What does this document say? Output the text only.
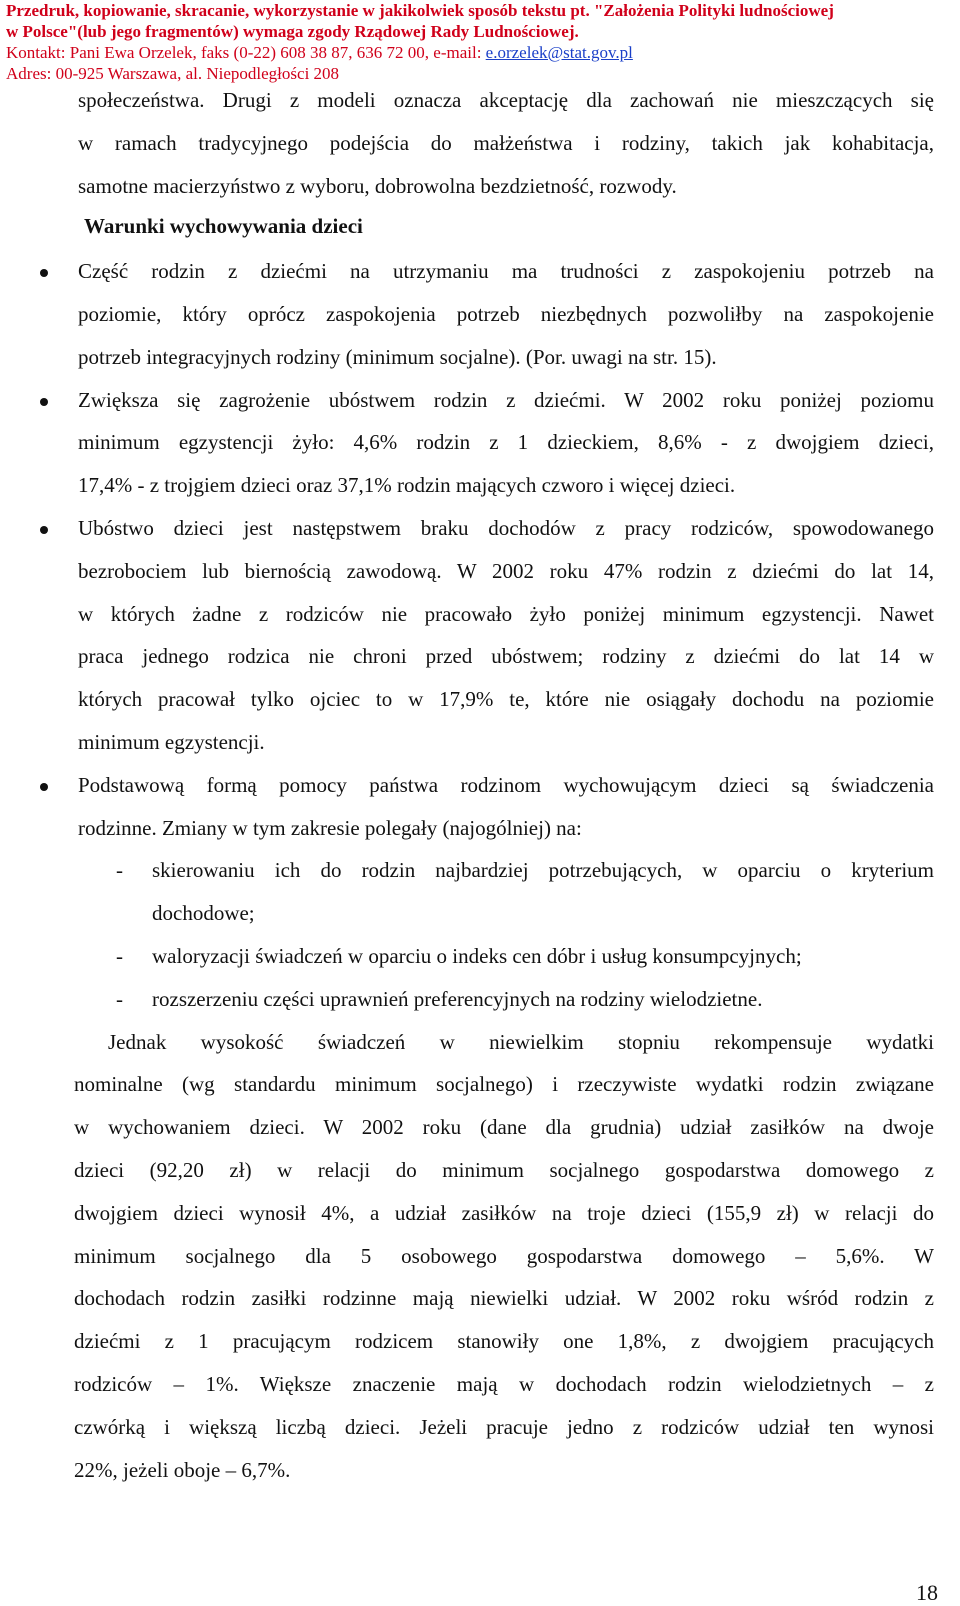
Przedruk, kopiowanie, skracanie, wykorzystanie w jakikolwiek sposób tekstu pt. "Założenia Polityki ludnościowej
w Polsce"(lub jego fragmentów) wymaga zgody Rządowej Rady Ludnościowej.
Kontakt: Pani Ewa Orzelek, faks (0-22) 608 38 87, 636 72 00, e-mail: e.orzelek@stat.gov.pl
Adres: 00-925 Warszawa, al. Niepodległości 208
społeczeństwa. Drugi z modeli oznacza akceptację dla zachowań nie mieszczących się
w ramach tradycyjnego podejścia do małżeństwa i rodziny, takich jak kohabitacja,
samotne macierzyństwo z wyboru, dobrowolna bezdzietność, rozwody.
Warunki wychowywania dzieci
Część rodzin z dziećmi na utrzymaniu ma trudności z zaspokojeniu potrzeb na
poziomie, który oprócz zaspokojenia potrzeb niezbędnych pozwoliłby na zaspokojenie
potrzeb integracyjnych rodziny (minimum socjalne). (Por. uwagi na str. 15).
Zwiększa się zagrożenie ubóstwem rodzin z dziećmi. W 2002 roku poniżej poziomu
minimum egzystencji żyło: 4,6% rodzin z 1 dzieckiem, 8,6% - z dwojgiem dzieci,
17,4% - z trojgiem dzieci oraz 37,1% rodzin mających czworo i więcej dzieci.
Ubóstwo dzieci jest następstwem braku dochodów z pracy rodziców, spowodowanego
bezrobociem lub biernością zawodową. W 2002 roku 47% rodzin z dziećmi do lat 14,
w których żadne z rodziców nie pracowało żyło poniżej minimum egzystencji. Nawet
praca jednego rodzica nie chroni przed ubóstwem; rodziny z dziećmi do lat 14 w
których pracował tylko ojciec to w 17,9% te, które nie osiągały dochodu na poziomie
minimum egzystencji.
Podstawową formą pomocy państwa rodzinom wychowującym dzieci są świadczenia
rodzinne. Zmiany w tym zakresie polegały (najogólniej) na:
- skierowaniu ich do rodzin najbardziej potrzebujących, w oparciu o kryterium
dochodowe;
- waloryzacji świadczeń w oparciu o indeks cen dóbr i usług konsumpcyjnych;
- rozszerzeniu części uprawnień preferencyjnych na rodziny wielodzietne.
Jednak wysokość świadczeń w niewielkim stopniu rekompensuje wydatki
nominalne (wg standardu minimum socjalnego) i rzeczywiste wydatki rodzin związane
w wychowaniem dzieci. W 2002 roku (dane dla grudnia) udział zasiłków na dwoje
dzieci (92,20 zł) w relacji do minimum socjalnego gospodarstwa domowego z
dwojgiem dzieci wynosił 4%, a udział zasiłków na troje dzieci (155,9 zł) w relacji do
minimum socjalnego dla 5 osobowego gospodarstwa domowego – 5,6%. W
dochodach rodzin zasiłki rodzinne mają niewielki udział. W 2002 roku wśród rodzin z
dziećmi z 1 pracującym rodzicem stanowiły one 1,8%, z dwojgiem pracujących
rodziców – 1%. Większe znaczenie mają w dochodach rodzin wielodzietnych – z
czwórką i większą liczbą dzieci. Jeżeli pracuje jedno z rodziców udział ten wynosi
22%, jeżeli oboje – 6,7%.
18
